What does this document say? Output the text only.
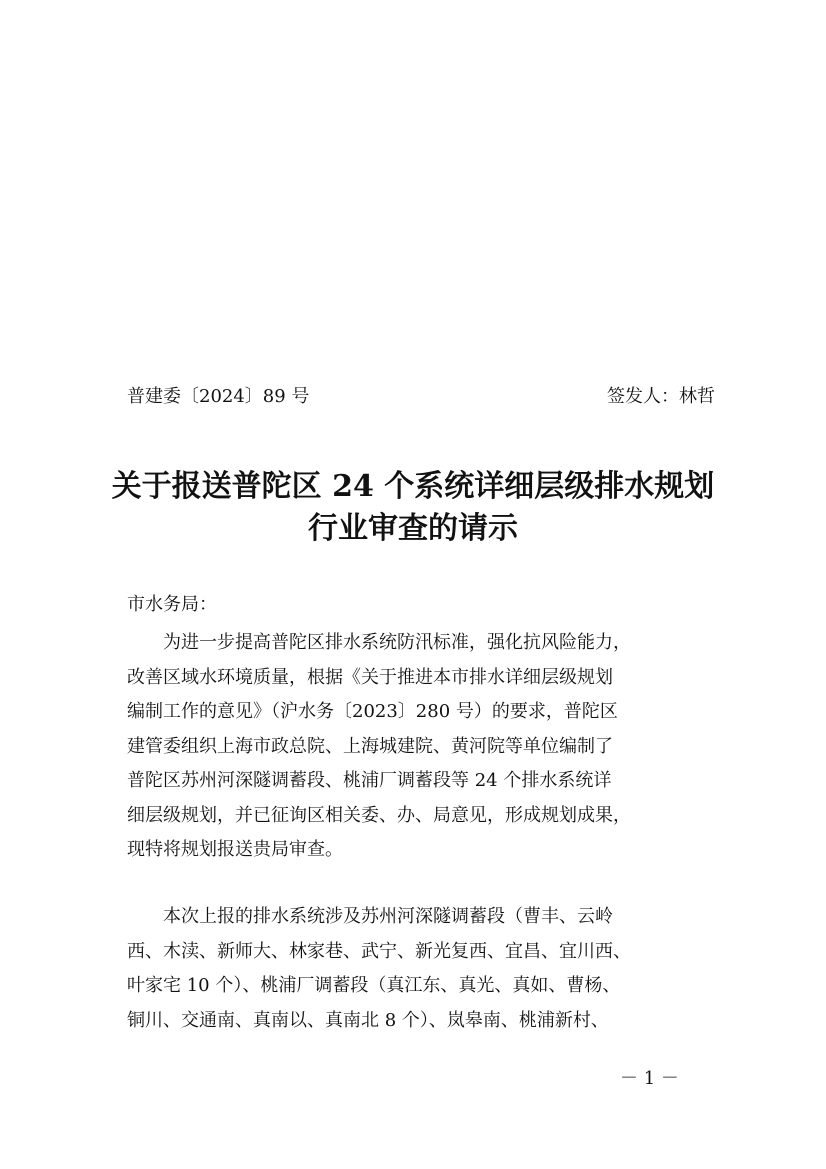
普建委〔2024〕89 号	签发人：林哲
关于报送普陀区 24 个系统详细层级排水规划
行业审查的请示
市水务局：
为进一步提高普陀区排水系统防汛标准，强化抗风险能力，
改善区域水环境质量，根据《关于推进本市排水详细层级规划
编制工作的意见》（沪水务〔2023〕280 号）的要求，普陀区
建管委组织上海市政总院、上海城建院、黄河院等单位编制了
普陀区苏州河深隧调蓄段、桃浦厂调蓄段等 24 个排水系统详
细层级规划，并已征询区相关委、办、局意见，形成规划成果，
现特将规划报送贵局审查。
本次上报的排水系统涉及苏州河深隧调蓄段（曹丰、云岭
西、木渎、新师大、林家巷、武宁、新光复西、宜昌、宜川西、
叶家宅 10 个）、桃浦厂调蓄段（真江东、真光、真如、曹杨、
铜川、交通南、真南以、真南北 8 个）、岚皋南、桃浦新村、
－ 1 －
